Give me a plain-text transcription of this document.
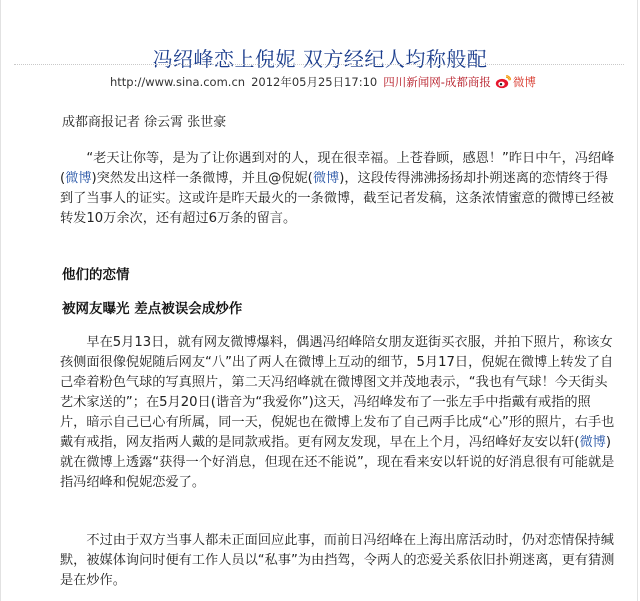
冯绍峰恋上倪妮 双方经纪人均称般配
http://www.sina.com.cn 2012年05月25日17:10 四川新闻网-成都商报 微博
成都商报记者 徐云霄 张世豪

“老天让你等，是为了让你遇到对的人，现在很幸福。上苍眷顾，感恩！”昨日中午，冯绍峰(微博)突然发出这样一条微博，并且@倪妮(微博)，这段传得沸沸扬扬却扑朔迷离的恋情终于得到了当事人的证实。这或许是昨天最火的一条微博，截至记者发稿，这条浓情蜜意的微博已经被转发10万余次，还有超过6万条的留言。

他们的恋情
被网友曝光 差点被误会成炒作

早在5月13日，就有网友微博爆料，偶遇冯绍峰陪女朋友逛街买衣服，并拍下照片，称该女孩侧面很像倪妮随后网友“八”出了两人在微博上互动的细节，5月17日，倪妮在微博上转发了自己牵着粉色气球的写真照片，第二天冯绍峰就在微博图文并茂地表示，“我也有气球！今天街头艺术家送的”；在5月20日(谐音为“我爱你”)这天，冯绍峰发布了一张左手中指戴有戒指的照片，暗示自己已心有所属，同一天，倪妮也在微博上发布了自己两手比成“心”形的照片，右手也戴有戒指，网友指两人戴的是同款戒指。更有网友发现，早在上个月，冯绍峰好友安以轩(微博)就在微博上透露“获得一个好消息，但现在还不能说”，现在看来安以轩说的好消息很有可能就是指冯绍峰和倪妮恋爱了。

不过由于双方当事人都未正面回应此事，而前日冯绍峰在上海出席活动时，仍对恋情保持缄默，被媒体询问时便有工作人员以“私事”为由挡驾，令两人的恋爱关系依旧扑朔迷离，更有猜测是在炒作。
